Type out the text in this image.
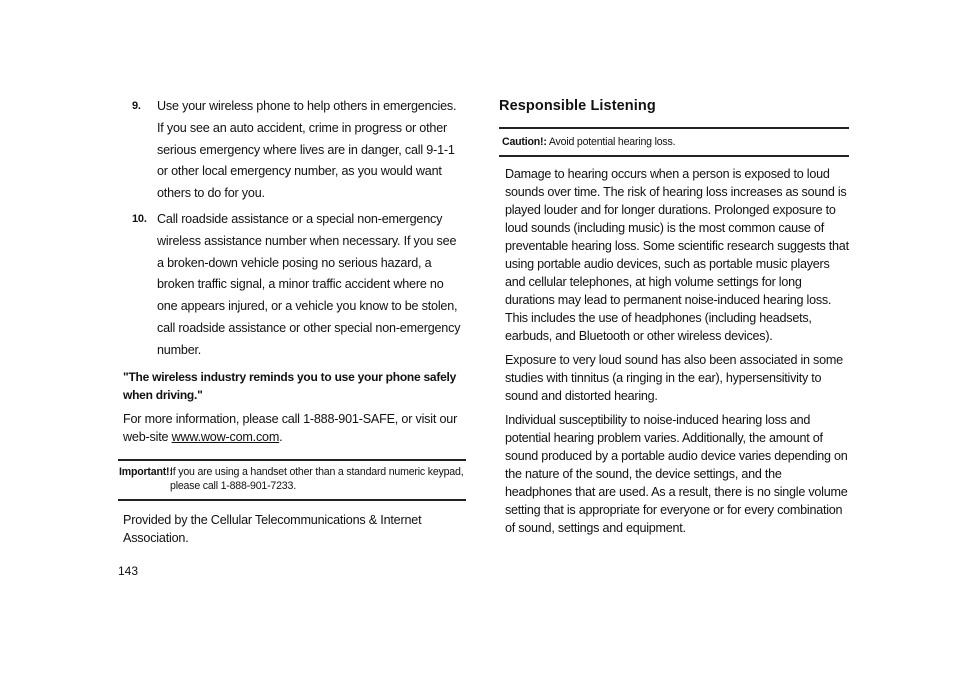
9. Use your wireless phone to help others in emergencies. If you see an auto accident, crime in progress or other serious emergency where lives are in danger, call 9-1-1 or other local emergency number, as you would want others to do for you.
10. Call roadside assistance or a special non-emergency wireless assistance number when necessary. If you see a broken-down vehicle posing no serious hazard, a broken traffic signal, a minor traffic accident where no one appears injured, or a vehicle you know to be stolen, call roadside assistance or other special non-emergency number.
"The wireless industry reminds you to use your phone safely when driving."
For more information, please call 1-888-901-SAFE, or visit our web-site www.wow-com.com.
Important!:
If you are using a handset other than a standard numeric keypad, please call 1-888-901-7233.
Provided by the Cellular Telecommunications & Internet Association.
143
Responsible Listening
Caution!: Avoid potential hearing loss.
Damage to hearing occurs when a person is exposed to loud sounds over time. The risk of hearing loss increases as sound is played louder and for longer durations. Prolonged exposure to loud sounds (including music) is the most common cause of preventable hearing loss. Some scientific research suggests that using portable audio devices, such as portable music players and cellular telephones, at high volume settings for long durations may lead to permanent noise-induced hearing loss. This includes the use of headphones (including headsets, earbuds, and Bluetooth or other wireless devices).
Exposure to very loud sound has also been associated in some studies with tinnitus (a ringing in the ear), hypersensitivity to sound and distorted hearing.
Individual susceptibility to noise-induced hearing loss and potential hearing problem varies. Additionally, the amount of sound produced by a portable audio device varies depending on the nature of the sound, the device settings, and the headphones that are used. As a result, there is no single volume setting that is appropriate for everyone or for every combination of sound, settings and equipment.
